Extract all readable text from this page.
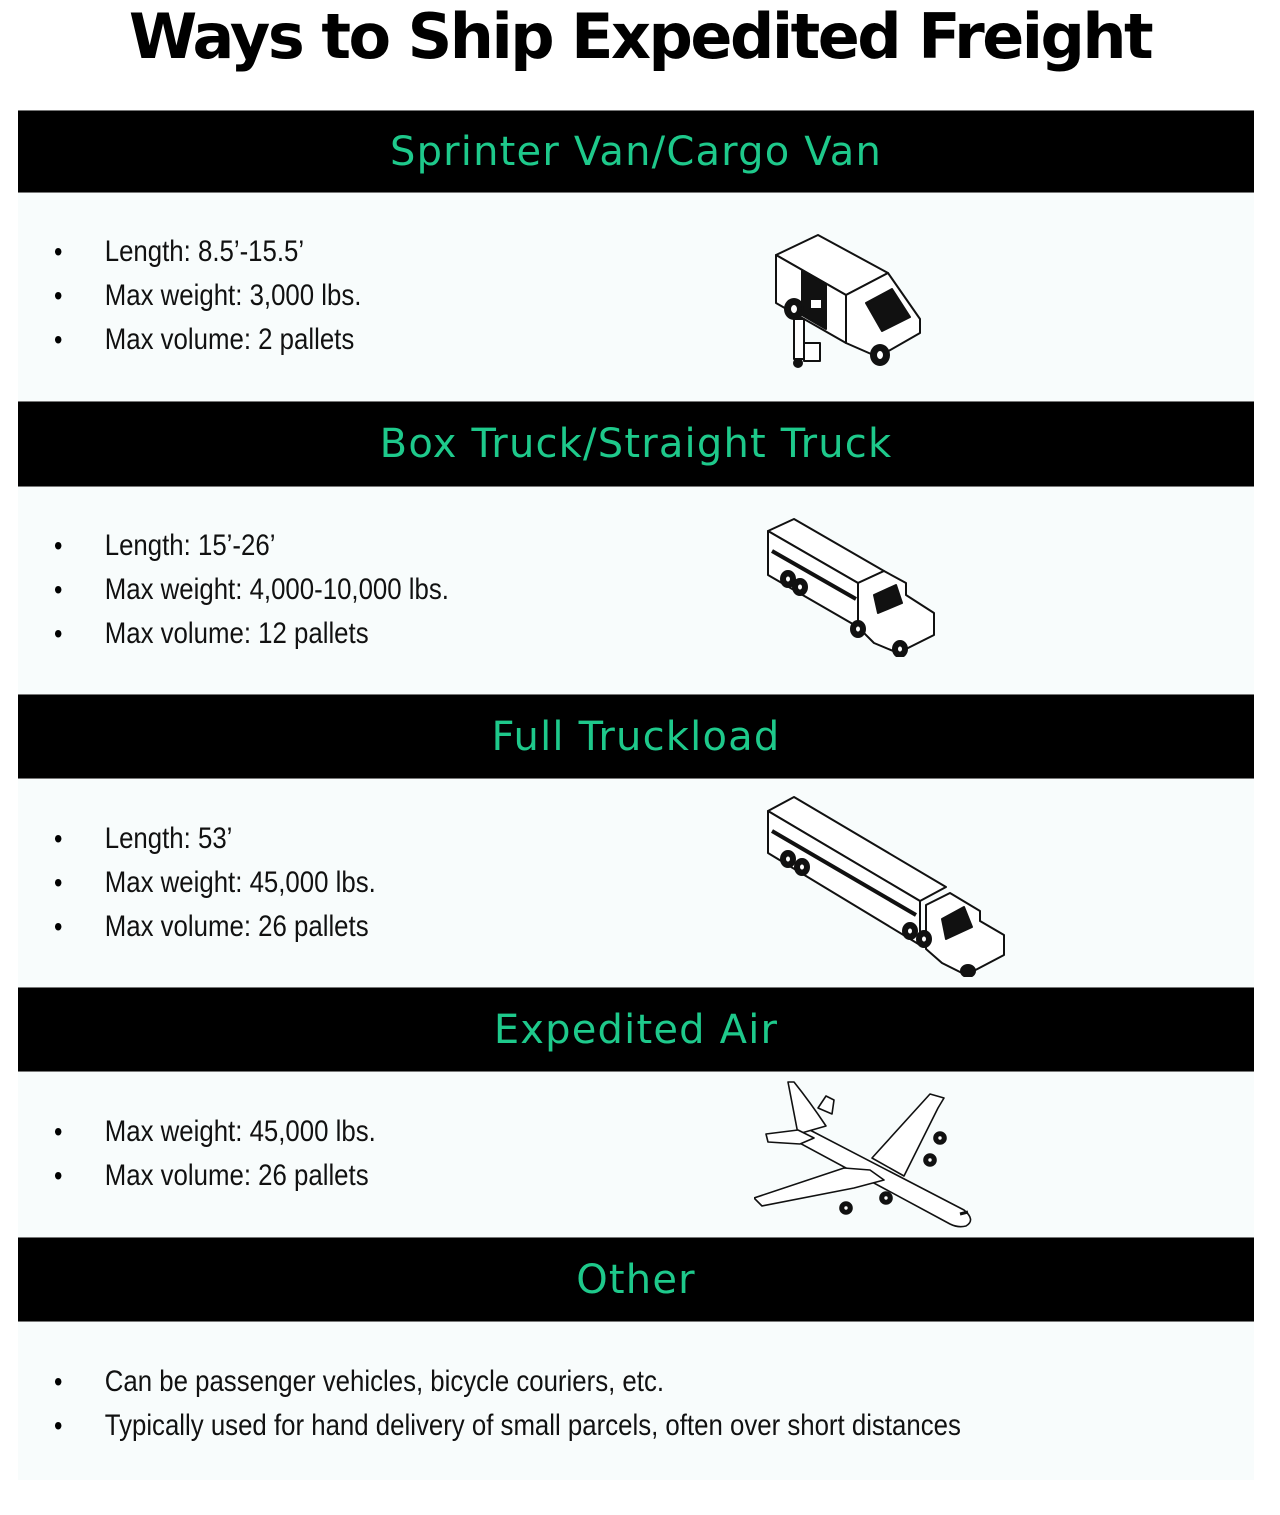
Ways to Ship Expedited Freight
Sprinter Van/Cargo Van
• Length: 8.5’-15.5’
• Max weight: 3,000 lbs.
• Max volume: 2 pallets
Box Truck/Straight Truck
• Length: 15’-26’
• Max weight: 4,000-10,000 lbs.
• Max volume: 12 pallets
Full Truckload
• Length: 53’
• Max weight: 45,000 lbs.
• Max volume: 26 pallets
Expedited Air
• Max weight: 45,000 lbs.
• Max volume: 26 pallets
Other
• Can be passenger vehicles, bicycle couriers, etc.
• Typically used for hand delivery of small parcels, often over short distances
